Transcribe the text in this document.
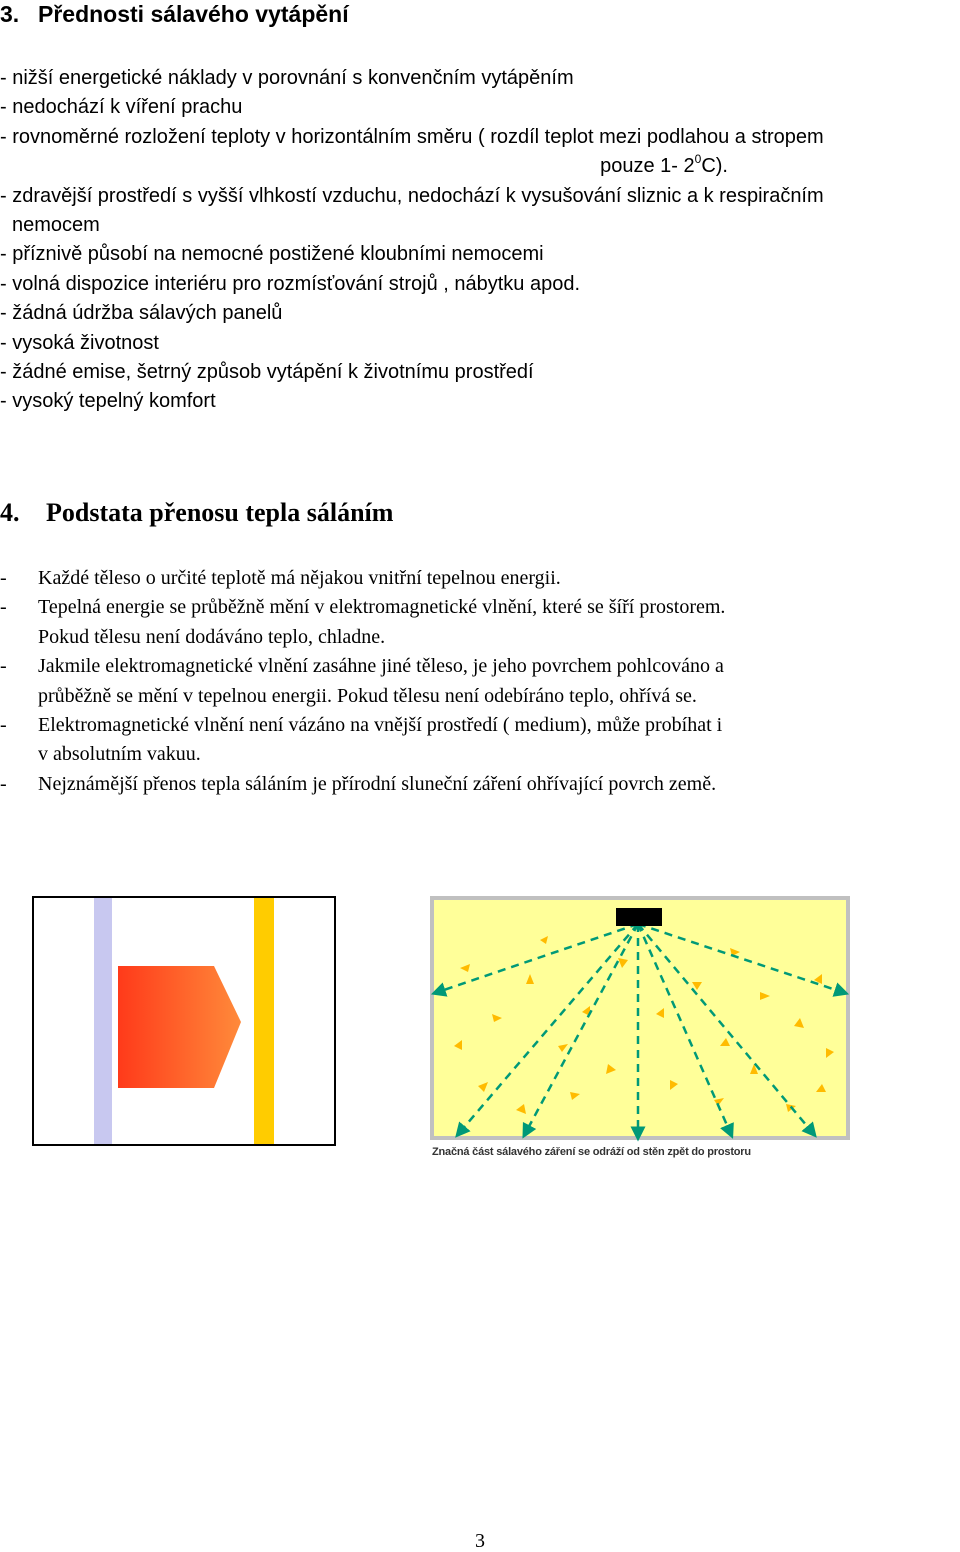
3. Přednosti sálavého vytápění
- nižší energetické náklady v porovnání s konvenčním vytápěním
- nedochází k víření prachu
- rovnoměrné rozložení teploty v horizontálním směru ( rozdíl teplot mezi podlahou a stropem
pouze 1- $2^0C$).
- zdravější prostředí s vyšší vlhkostí vzduchu, nedochází k vysušování sliznic a k respiračním
nemocem
- příznivě působí na nemocné postižené kloubními nemocemi
- volná dispozice interiéru pro rozmísťování strojů , nábytku apod.
- žádná údržba sálavých panelů
- vysoká životnost
- žádné emise, šetrný způsob vytápění k životnímu prostředí
- vysoký tepelný komfort
4. Podstata přenosu tepla sáláním
-	Každé těleso o určité teplotě má nějakou vnitřní tepelnou energii.
-	Tepelná energie se průběžně mění v elektromagnetické vlnění, které se šíří prostorem.
Pokud tělesu není dodáváno teplo, chladne.
-	Jakmile elektromagnetické vlnění zasáhne jiné těleso, je jeho povrchem pohlcováno a
průběžně se mění v tepelnou energii. Pokud tělesu není odebíráno teplo, ohřívá se.
-	Elektromagnetické vlnění není vázáno na vnější prostředí ( medium), může probíhat i
v absolutním vakuu.
-	Nejznámější přenos tepla sáláním je přírodní sluneční záření ohřívající povrch země.
Značná část sálavého záření se odráží od stěn zpět do prostoru
3
